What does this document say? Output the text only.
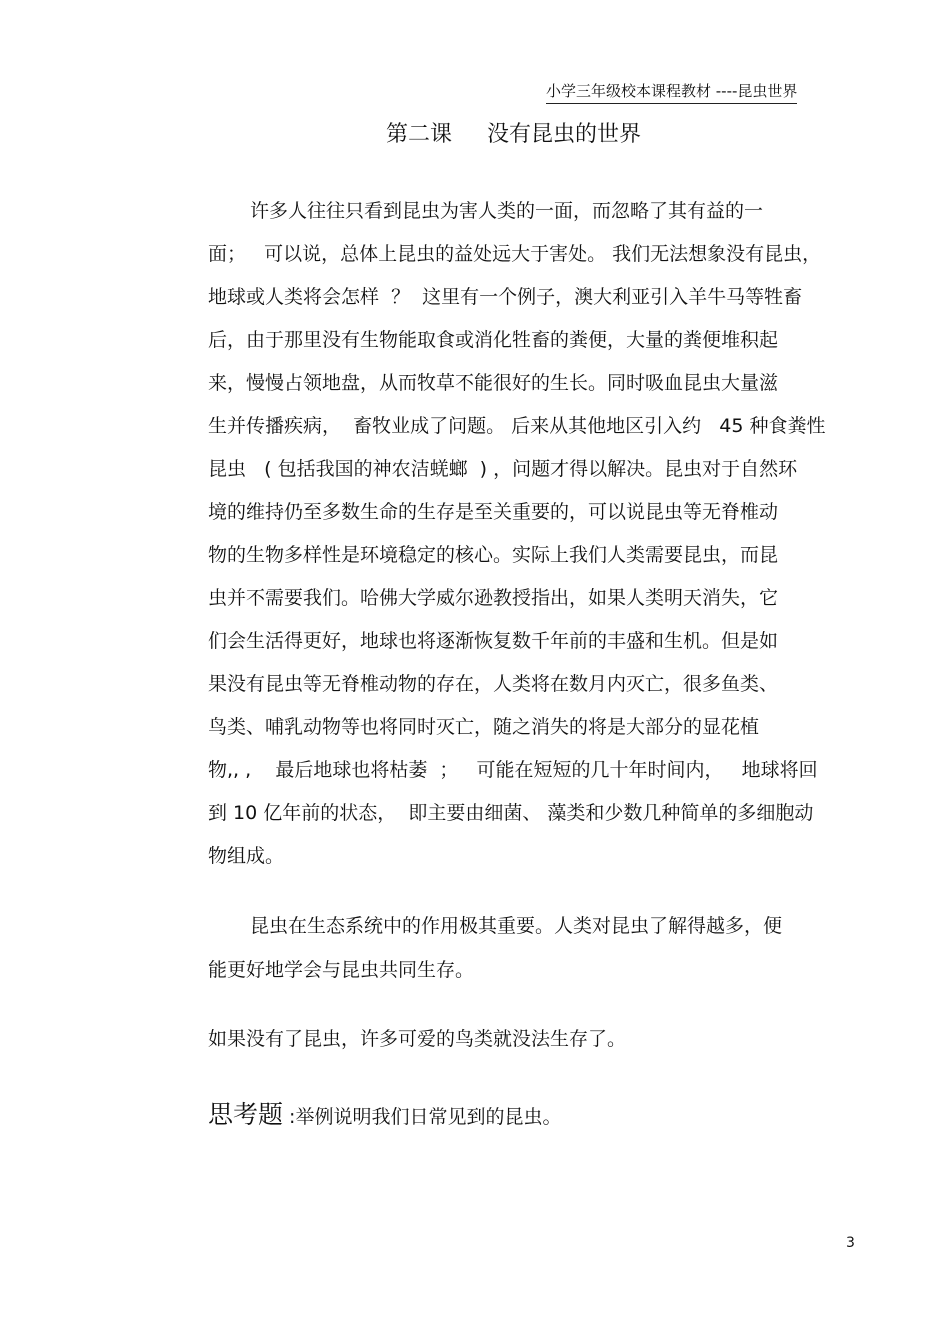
小学三年级校本课程教材 ----昆虫世界
第二课     没有昆虫的世界
许多人往往只看到昆虫为害人类的一面，而忽略了其有益的一
面；   可以说，总体上昆虫的益处远大于害处。 我们无法想象没有昆虫，
地球或人类将会怎样  ？  这里有一个例子，澳大利亚引入羊牛马等牲畜
后，由于那里没有生物能取食或消化牲畜的粪便，大量的粪便堆积起
来，慢慢占领地盘，从而牧草不能很好的生长。同时吸血昆虫大量滋
生并传播疾病，  畜牧业成了问题。 后来从其他地区引入约   45 种食粪性
昆虫   ( 包括我国的神农洁蜣螂  ) ，问题才得以解决。昆虫对于自然环
境的维持仍至多数生命的生存是至关重要的，可以说昆虫等无脊椎动
物的生物多样性是环境稳定的核心。实际上我们人类需要昆虫，而昆
虫并不需要我们。哈佛大学威尔逊教授指出，如果人类明天消失，它
们会生活得更好，地球也将逐渐恢复数千年前的丰盛和生机。但是如
果没有昆虫等无脊椎动物的存在，人类将在数月内灭亡，很多鱼类、
鸟类、哺乳动物等也将同时灭亡，随之消失的将是大部分的显花植
物,, ,    最后地球也将枯萎  ；   可能在短短的几十年时间内，   地球将回
到 10 亿年前的状态，  即主要由细菌、 藻类和少数几种简单的多细胞动
物组成。
昆虫在生态系统中的作用极其重要。人类对昆虫了解得越多，便
能更好地学会与昆虫共同生存。
如果没有了昆虫，许多可爱的鸟类就没法生存了。
思考题 :举例说明我们日常见到的昆虫。
3
